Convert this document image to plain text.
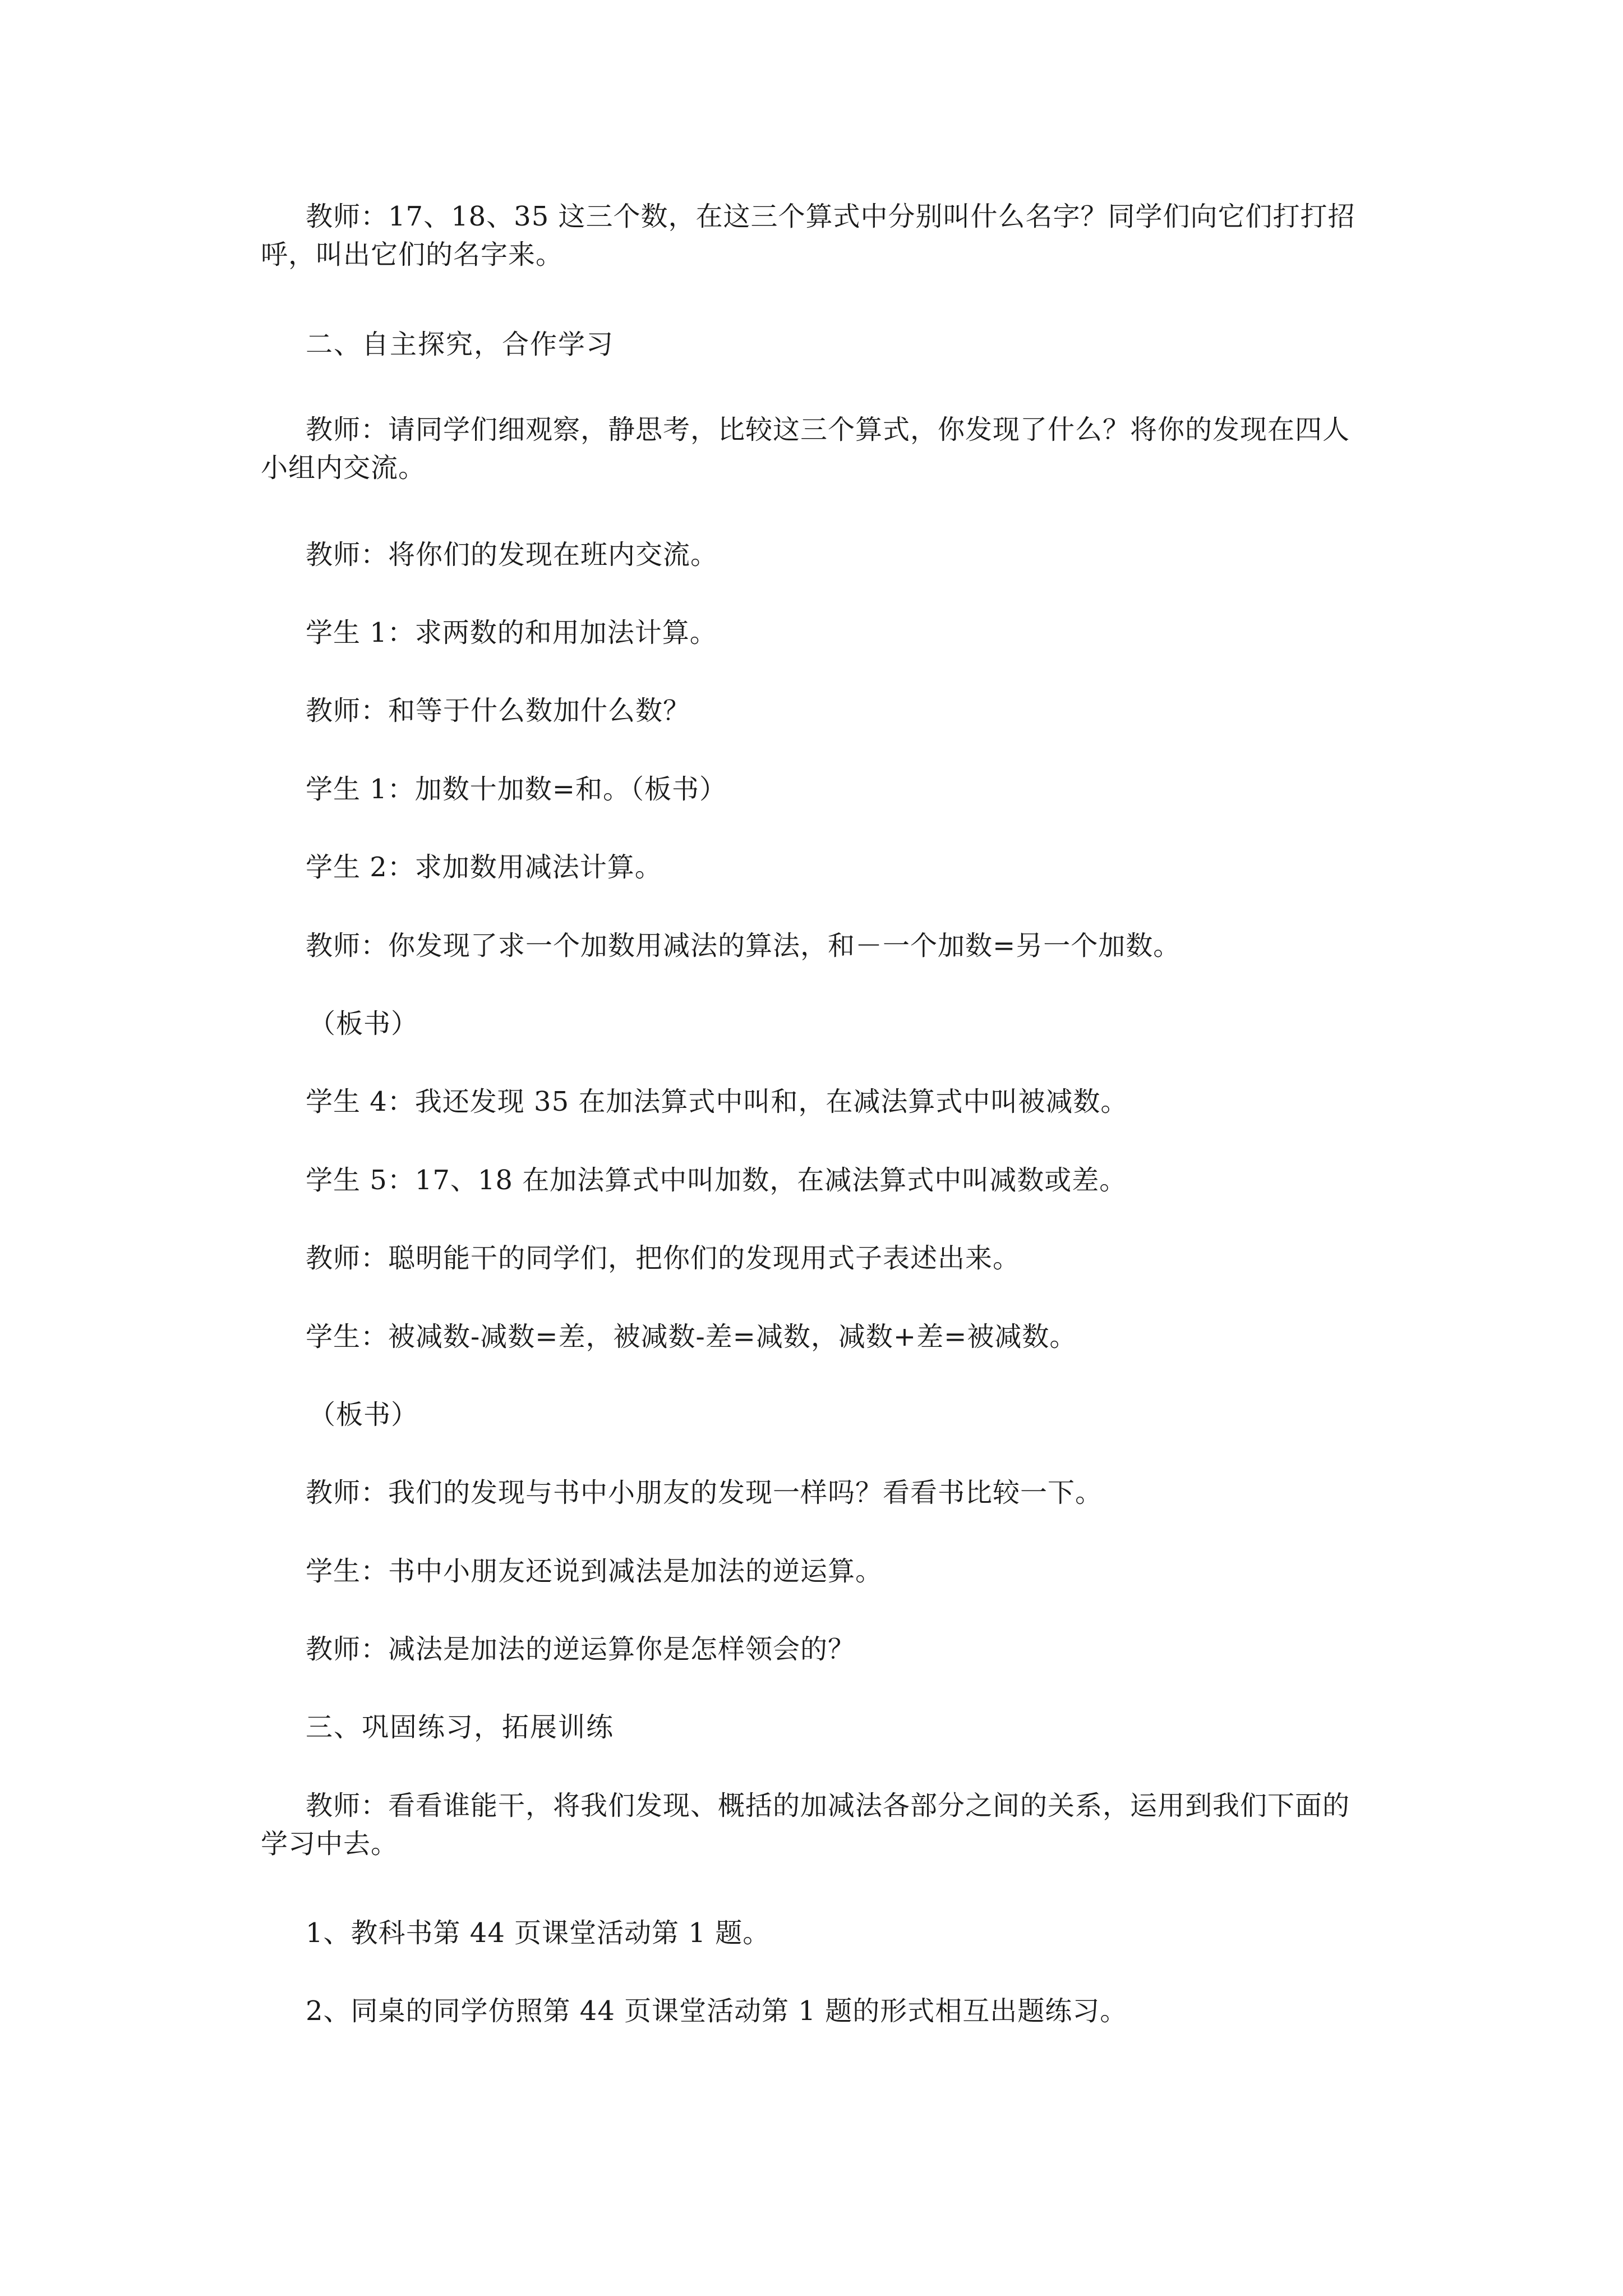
教师：17、18、35 这三个数，在这三个算式中分别叫什么名字？同学们向它们打打招
呼，叫出它们的名字来。

二、自主探究，合作学习

教师：请同学们细观察，静思考，比较这三个算式，你发现了什么？将你的发现在四人
小组内交流。

教师：将你们的发现在班内交流。

学生 1：求两数的和用加法计算。

教师：和等于什么数加什么数？

学生 1：加数十加数=和。（板书）

学生 2：求加数用减法计算。

教师：你发现了求一个加数用减法的算法，和－一个加数=另一个加数。

（板书）

学生 4：我还发现 35 在加法算式中叫和，在减法算式中叫被减数。

学生 5：17、18 在加法算式中叫加数，在减法算式中叫减数或差。

教师：聪明能干的同学们，把你们的发现用式子表述出来。

学生：被减数-减数=差，被减数-差=减数，减数+差=被减数。

（板书）

教师：我们的发现与书中小朋友的发现一样吗？看看书比较一下。

学生：书中小朋友还说到减法是加法的逆运算。

教师：减法是加法的逆运算你是怎样领会的？

三、巩固练习，拓展训练

教师：看看谁能干，将我们发现、概括的加减法各部分之间的关系，运用到我们下面的
学习中去。

1、教科书第 44 页课堂活动第 1 题。

2、同桌的同学仿照第 44 页课堂活动第 1 题的形式相互出题练习。
